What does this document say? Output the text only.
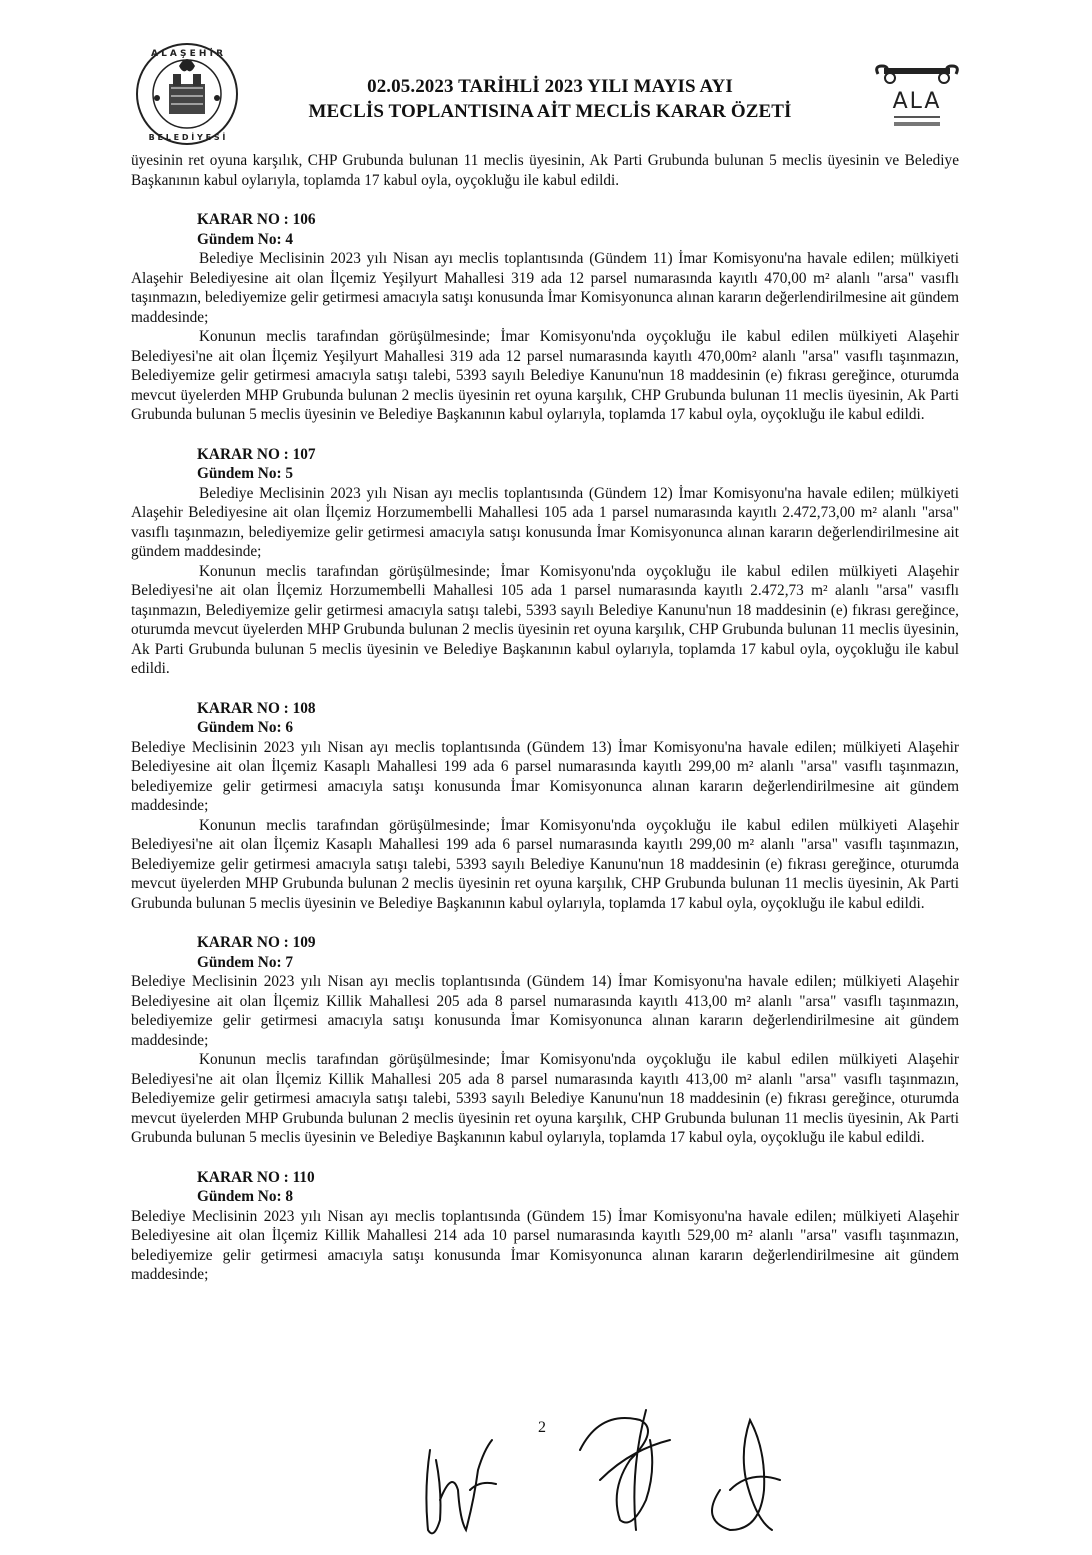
A L A Ş E H İ R
B E L E D İ Y E S İ
02.05.2023 TARİHLİ 2023 YILI MAYIS AYI
MECLİS TOPLANTISINA AİT MECLİS KARAR ÖZETİ	ALA

üyesinin ret oyuna karşılık, CHP Grubunda bulunan 11 meclis üyesinin, Ak Parti Grubunda bulunan 5 meclis üyesinin ve Belediye Başkanının kabul oylarıyla, toplamda 17 kabul oyla, oyçokluğu ile kabul edildi.

KARAR NO : 106

Gündem No: 4

Belediye Meclisinin 2023 yılı Nisan ayı meclis toplantısında (Gündem 11) İmar Komisyonu'na havale edilen; mülkiyeti Alaşehir Belediyesine ait olan İlçemiz Yeşilyurt Mahallesi 319 ada 12 parsel numarasında kayıtlı 470,00 m² alanlı "arsa" vasıflı taşınmazın, belediyemize gelir getirmesi amacıyla satışı konusunda İmar Komisyonunca alınan kararın değerlendirilmesine ait gündem maddesinde;

Konunun meclis tarafından görüşülmesinde; İmar Komisyonu'nda oyçokluğu ile kabul edilen mülkiyeti Alaşehir Belediyesi'ne ait olan İlçemiz Yeşilyurt Mahallesi 319 ada 12 parsel numarasında kayıtlı 470,00m² alanlı "arsa" vasıflı taşınmazın, Belediyemize gelir getirmesi amacıyla satışı talebi, 5393 sayılı Belediye Kanunu'nun 18 maddesinin (e) fıkrası gereğince, oturumda mevcut üyelerden MHP Grubunda bulunan 2 meclis üyesinin ret oyuna karşılık, CHP Grubunda bulunan 11 meclis üyesinin, Ak Parti Grubunda bulunan 5 meclis üyesinin ve Belediye Başkanının kabul oylarıyla, toplamda 17 kabul oyla, oyçokluğu ile kabul edildi.

KARAR NO : 107

Gündem No: 5

Belediye Meclisinin 2023 yılı Nisan ayı meclis toplantısında (Gündem 12) İmar Komisyonu'na havale edilen; mülkiyeti Alaşehir Belediyesine ait olan İlçemiz Horzumembelli Mahallesi 105 ada 1 parsel numarasında kayıtlı 2.472,73,00 m² alanlı "arsa" vasıflı taşınmazın, belediyemize gelir getirmesi amacıyla satışı konusunda İmar Komisyonunca alınan kararın değerlendirilmesine ait gündem maddesinde;

Konunun meclis tarafından görüşülmesinde; İmar Komisyonu'nda oyçokluğu ile kabul edilen mülkiyeti Alaşehir Belediyesi'ne ait olan İlçemiz Horzumembelli Mahallesi 105 ada 1 parsel numarasında kayıtlı 2.472,73 m² alanlı "arsa" vasıflı taşınmazın, Belediyemize gelir getirmesi amacıyla satışı talebi, 5393 sayılı Belediye Kanunu'nun 18 maddesinin (e) fıkrası gereğince, oturumda mevcut üyelerden MHP Grubunda bulunan 2 meclis üyesinin ret oyuna karşılık, CHP Grubunda bulunan 11 meclis üyesinin, Ak Parti Grubunda bulunan 5 meclis üyesinin ve Belediye Başkanının kabul oylarıyla, toplamda 17 kabul oyla, oyçokluğu ile kabul edildi.

KARAR NO : 108

Gündem No: 6

Belediye Meclisinin 2023 yılı Nisan ayı meclis toplantısında (Gündem 13) İmar Komisyonu'na havale edilen; mülkiyeti Alaşehir Belediyesine ait olan İlçemiz Kasaplı Mahallesi 199 ada 6 parsel numarasında kayıtlı 299,00 m² alanlı "arsa" vasıflı taşınmazın, belediyemize gelir getirmesi amacıyla satışı konusunda İmar Komisyonunca alınan kararın değerlendirilmesine ait gündem maddesinde;

Konunun meclis tarafından görüşülmesinde; İmar Komisyonu'nda oyçokluğu ile kabul edilen mülkiyeti Alaşehir Belediyesi'ne ait olan İlçemiz Kasaplı Mahallesi 199 ada 6 parsel numarasında kayıtlı 299,00 m² alanlı "arsa" vasıflı taşınmazın, Belediyemize gelir getirmesi amacıyla satışı talebi, 5393 sayılı Belediye Kanunu'nun 18 maddesinin (e) fıkrası gereğince, oturumda mevcut üyelerden MHP Grubunda bulunan 2 meclis üyesinin ret oyuna karşılık, CHP Grubunda bulunan 11 meclis üyesinin, Ak Parti Grubunda bulunan 5 meclis üyesinin ve Belediye Başkanının kabul oylarıyla, toplamda 17 kabul oyla, oyçokluğu ile kabul edildi.

KARAR NO : 109

Gündem No: 7

Belediye Meclisinin 2023 yılı Nisan ayı meclis toplantısında (Gündem 14) İmar Komisyonu'na havale edilen; mülkiyeti Alaşehir Belediyesine ait olan İlçemiz Killik Mahallesi 205 ada 8 parsel numarasında kayıtlı 413,00 m² alanlı "arsa" vasıflı taşınmazın, belediyemize gelir getirmesi amacıyla satışı konusunda İmar Komisyonunca alınan kararın değerlendirilmesine ait gündem maddesinde;

Konunun meclis tarafından görüşülmesinde; İmar Komisyonu'nda oyçokluğu ile kabul edilen mülkiyeti Alaşehir Belediyesi'ne ait olan İlçemiz Killik Mahallesi 205 ada 8 parsel numarasında kayıtlı 413,00 m² alanlı "arsa" vasıflı taşınmazın, Belediyemize gelir getirmesi amacıyla satışı talebi, 5393 sayılı Belediye Kanunu'nun 18 maddesinin (e) fıkrası gereğince, oturumda mevcut üyelerden MHP Grubunda bulunan 2 meclis üyesinin ret oyuna karşılık, CHP Grubunda bulunan 11 meclis üyesinin, Ak Parti Grubunda bulunan 5 meclis üyesinin ve Belediye Başkanının kabul oylarıyla, toplamda 17 kabul oyla, oyçokluğu ile kabul edildi.

KARAR NO : 110

Gündem No: 8

Belediye Meclisinin 2023 yılı Nisan ayı meclis toplantısında (Gündem 15) İmar Komisyonu'na havale edilen; mülkiyeti Alaşehir Belediyesine ait olan İlçemiz Killik Mahallesi 214 ada 10 parsel numarasında kayıtlı 529,00 m² alanlı "arsa" vasıflı taşınmazın, belediyemize gelir getirmesi amacıyla satışı konusunda İmar Komisyonunca alınan kararın değerlendirilmesine ait gündem maddesinde;

2
